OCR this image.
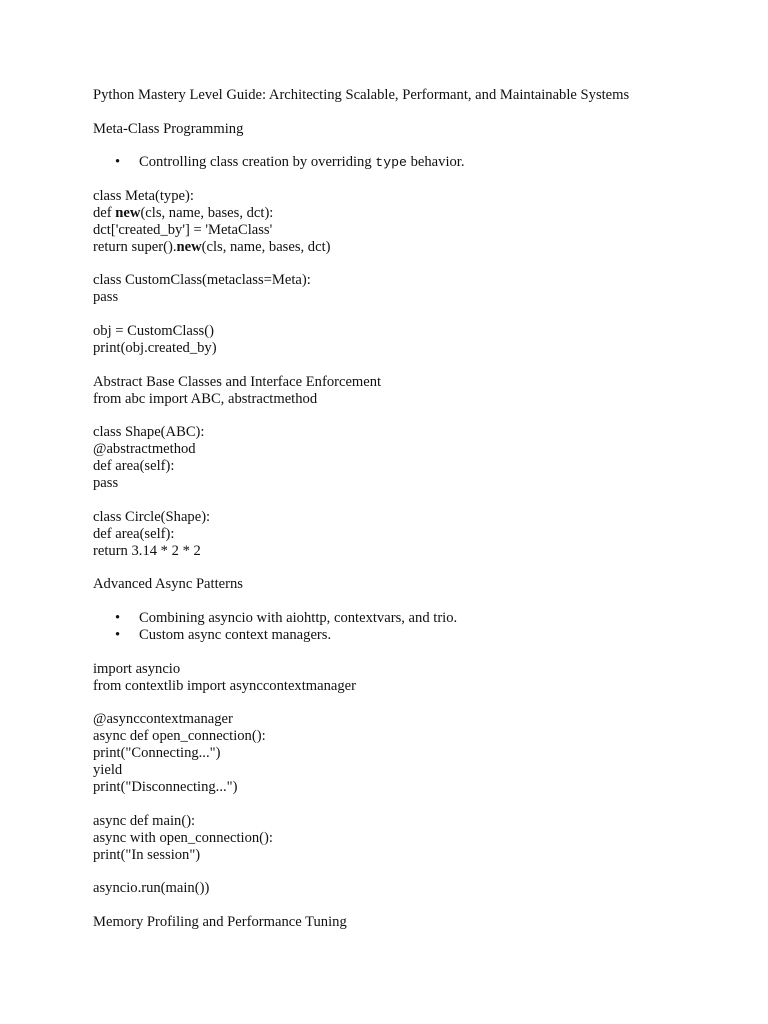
Python Mastery Level Guide: Architecting Scalable, Performant, and Maintainable Systems
Meta-Class Programming
• Controlling class creation by overriding type behavior.
class Meta(type):
def new(cls, name, bases, dct):
dct['created_by'] = 'MetaClass'
return super().new(cls, name, bases, dct)
class CustomClass(metaclass=Meta):
pass
obj = CustomClass()
print(obj.created_by)
Abstract Base Classes and Interface Enforcement
from abc import ABC, abstractmethod
class Shape(ABC):
@abstractmethod
def area(self):
pass
class Circle(Shape):
def area(self):
return 3.14 * 2 * 2
Advanced Async Patterns
• Combining asyncio with aiohttp, contextvars, and trio.
• Custom async context managers.
import asyncio
from contextlib import asynccontextmanager
@asynccontextmanager
async def open_connection():
print("Connecting...")
yield
print("Disconnecting...")
async def main():
async with open_connection():
print("In session")
asyncio.run(main())
Memory Profiling and Performance Tuning
